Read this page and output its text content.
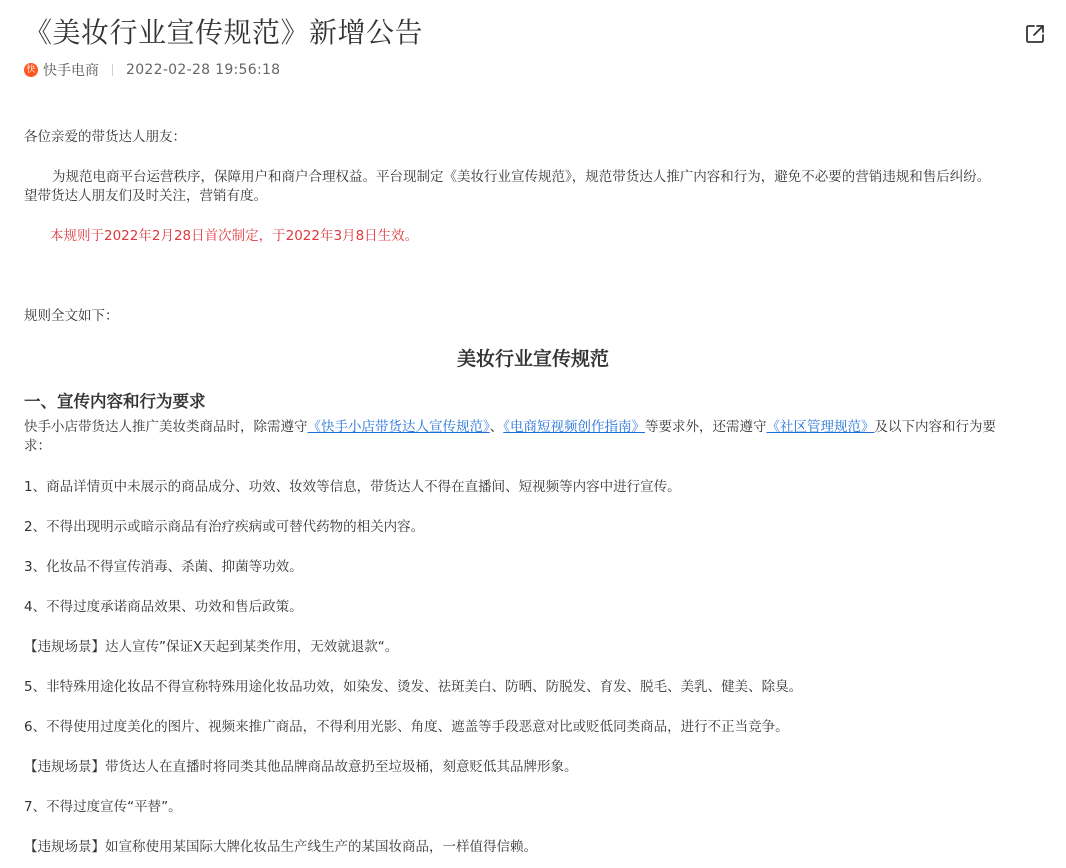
《美妆行业宣传规范》新增公告
快 快手电商 2022-02-28 19:56:18

各位亲爱的带货达人朋友：

为规范电商平台运营秩序，保障用户和商户合理权益。平台现制定《美妆行业宣传规范》，规范带货达人推广内容和行为，避免不必要的营销违规和售后纠纷。

望带货达人朋友们及时关注，营销有度。

本规则于2022年2月28日首次制定，于2022年3月8日生效。

规则全文如下：

美妆行业宣传规范
一、宣传内容和行为要求

快手小店带货达人推广美妆类商品时，除需遵守《快手小店带货达人宣传规范》、《电商短视频创作指南》等要求外，还需遵守《社区管理规范》及以下内容和行为要

求：

1、商品详情页中未展示的商品成分、功效、妆效等信息，带货达人不得在直播间、短视频等内容中进行宣传。

2、不得出现明示或暗示商品有治疗疾病或可替代药物的相关内容。

3、化妆品不得宣传消毒、杀菌、抑菌等功效。

4、不得过度承诺商品效果、功效和售后政策。

【违规场景】达人宣传”保证X天起到某类作用，无效就退款“。

5、非特殊用途化妆品不得宣称特殊用途化妆品功效，如染发、烫发、祛斑美白、防晒、防脱发、育发、脱毛、美乳、健美、除臭。

6、不得使用过度美化的图片、视频来推广商品，不得利用光影、角度、遮盖等手段恶意对比或贬低同类商品，进行不正当竞争。

【违规场景】带货达人在直播时将同类其他品牌商品故意扔至垃圾桶，刻意贬低其品牌形象。

7、不得过度宣传“平替”。

【违规场景】如宣称使用某国际大牌化妆品生产线生产的某国妆商品，一样值得信赖。
